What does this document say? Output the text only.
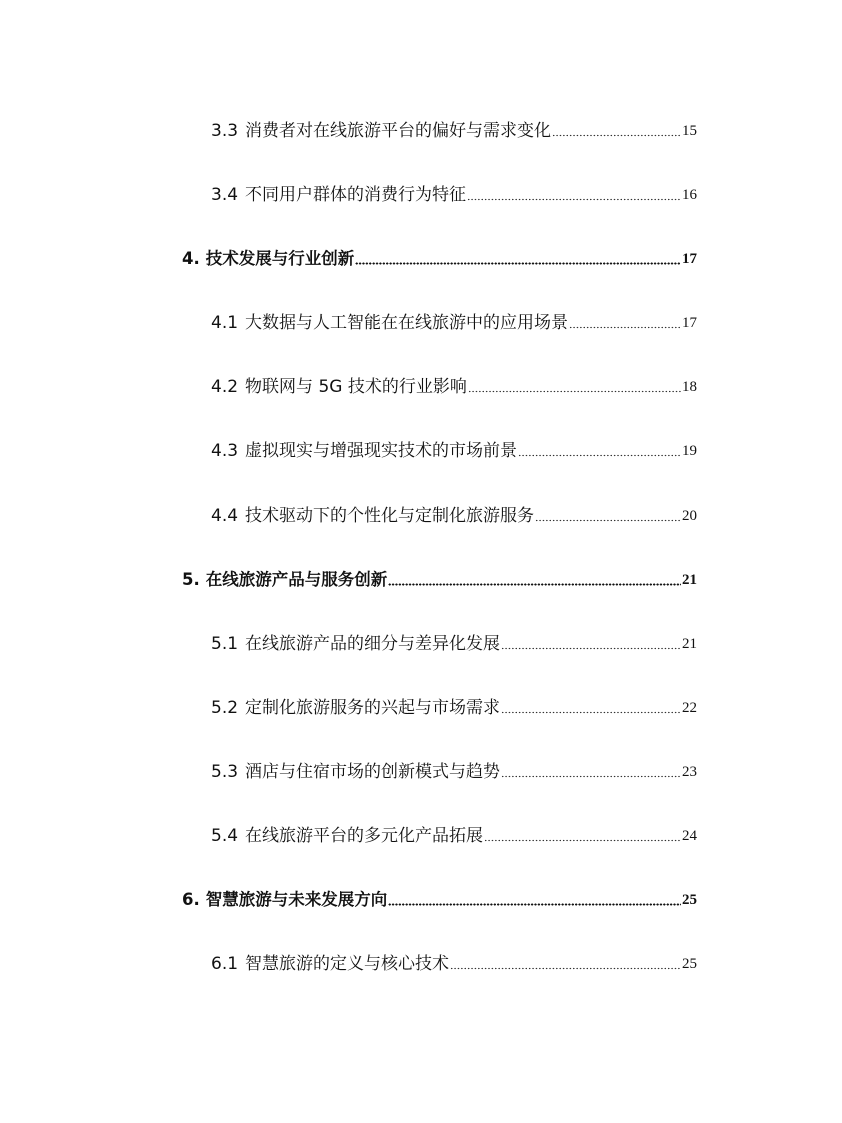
3.3 消费者对在线旅游平台的偏好与需求变化	15
3.4 不同用户群体的消费行为特征	16
4. 技术发展与行业创新	17
4.1 大数据与人工智能在在线旅游中的应用场景	17
4.2 物联网与 5G 技术的行业影响	18
4.3 虚拟现实与增强现实技术的市场前景	19
4.4 技术驱动下的个性化与定制化旅游服务	20
5. 在线旅游产品与服务创新	21
5.1 在线旅游产品的细分与差异化发展	21
5.2 定制化旅游服务的兴起与市场需求	22
5.3 酒店与住宿市场的创新模式与趋势	23
5.4 在线旅游平台的多元化产品拓展	24
6. 智慧旅游与未来发展方向	25
6.1 智慧旅游的定义与核心技术	25
